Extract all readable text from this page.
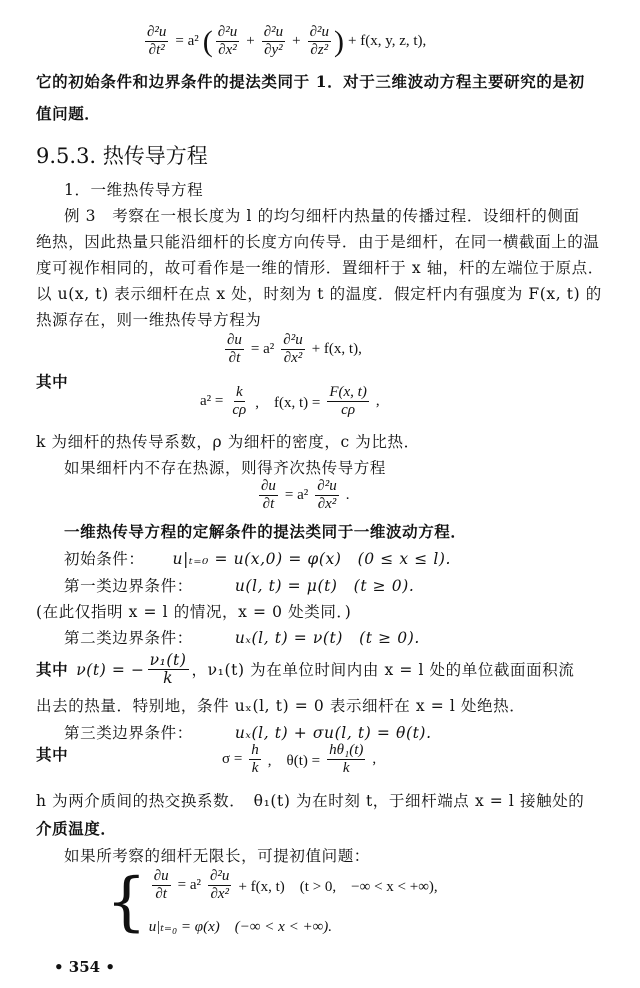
$\frac{\text{∂²u}}{\text{∂t²}} = a^2$ ( $\frac{\text{∂²u}}{\text{∂x²}} + \frac{\text{∂²u}}{\text{∂y²}} + \frac{\text{∂²u}}{\text{∂z²}}$ ) + f(x, y, z, t),
它的初始条件和边界条件的提法类同于 1．对于三维波动方程主要研究的是初
值问题．
9.5.3. 热传导方程
1．一维热传导方程
例 3　考察在一根长度为 l 的均匀细杆内热量的传播过程．设细杆的侧面
绝热，因此热量只能沿细杆的长度方向传导．由于是细杆，在同一横截面上的温
度可视作相同的，故可看作是一维的情形．置细杆于 x 轴，杆的左端位于原点．
以 u(x, t) 表示细杆在点 x 处，时刻为 t 的温度．假定杆内有强度为 F(x, t) 的
热源存在，则一维热传导方程为
$\frac{\partial u}{\partial t} = a^2 \frac{\text{∂²u}}{\text{∂x²}} + f(x$, t),
其中
$a^2 = \frac{k}{c\rho}$ ,　f(x, $t) = \frac{F(x, t)}{c\rho}$ ,
k 为细杆的热传导系数，ρ 为细杆的密度，c 为比热．
如果细杆内不存在热源，则得齐次热传导方程
$\frac{\partial u}{\partial t} = a^2 \frac{\text{∂²u}}{\text{∂x²}}$ .
一维热传导方程的定解条件的提法类同于一维波动方程．
初始条件： u|ₜ₌₀ = u(x,0) = φ(x)　(0 ≤ x ≤ l).
第一类边界条件：	u(l, t) = μ(t)　(t ≥ 0).
(在此仅指明 x = l 的情况，x = 0 处类同．)
第二类边界条件：	uₓ(l, t) = ν(t)　(t ≥ 0).
其中 ν(t) = − $\frac{\text{ν₁(t)}}{k}$ ，ν₁(t) 为在单位时间内由 x = l 处的单位截面面积流
出去的热量．特别地，条件 uₓ(l, t) = 0 表示细杆在 x = l 处绝热．
第三类边界条件：	uₓ(l, t) + σu(l, t) = θ(t).
其中	$\sigma = \frac{h}{k}$ ,　$\theta(t) = \frac{\text{hθ₁(t)}}{k}$ ,
h 为两介质间的热交换系数．　θ₁(t) 为在时刻 t，于细杆端点 x = l 接触处的
介质温度．
如果所考察的细杆无限长，可提初值问题：
{ $\frac{\partial u}{\partial t} = a^2 \frac{\text{∂²u}}{\text{∂x²}} + f(x$, t)　(t > 0,　−∞ < x < +∞),
u|ₜ₌₀ = φ(x)　(−∞ < x < +∞).
• 354 •
